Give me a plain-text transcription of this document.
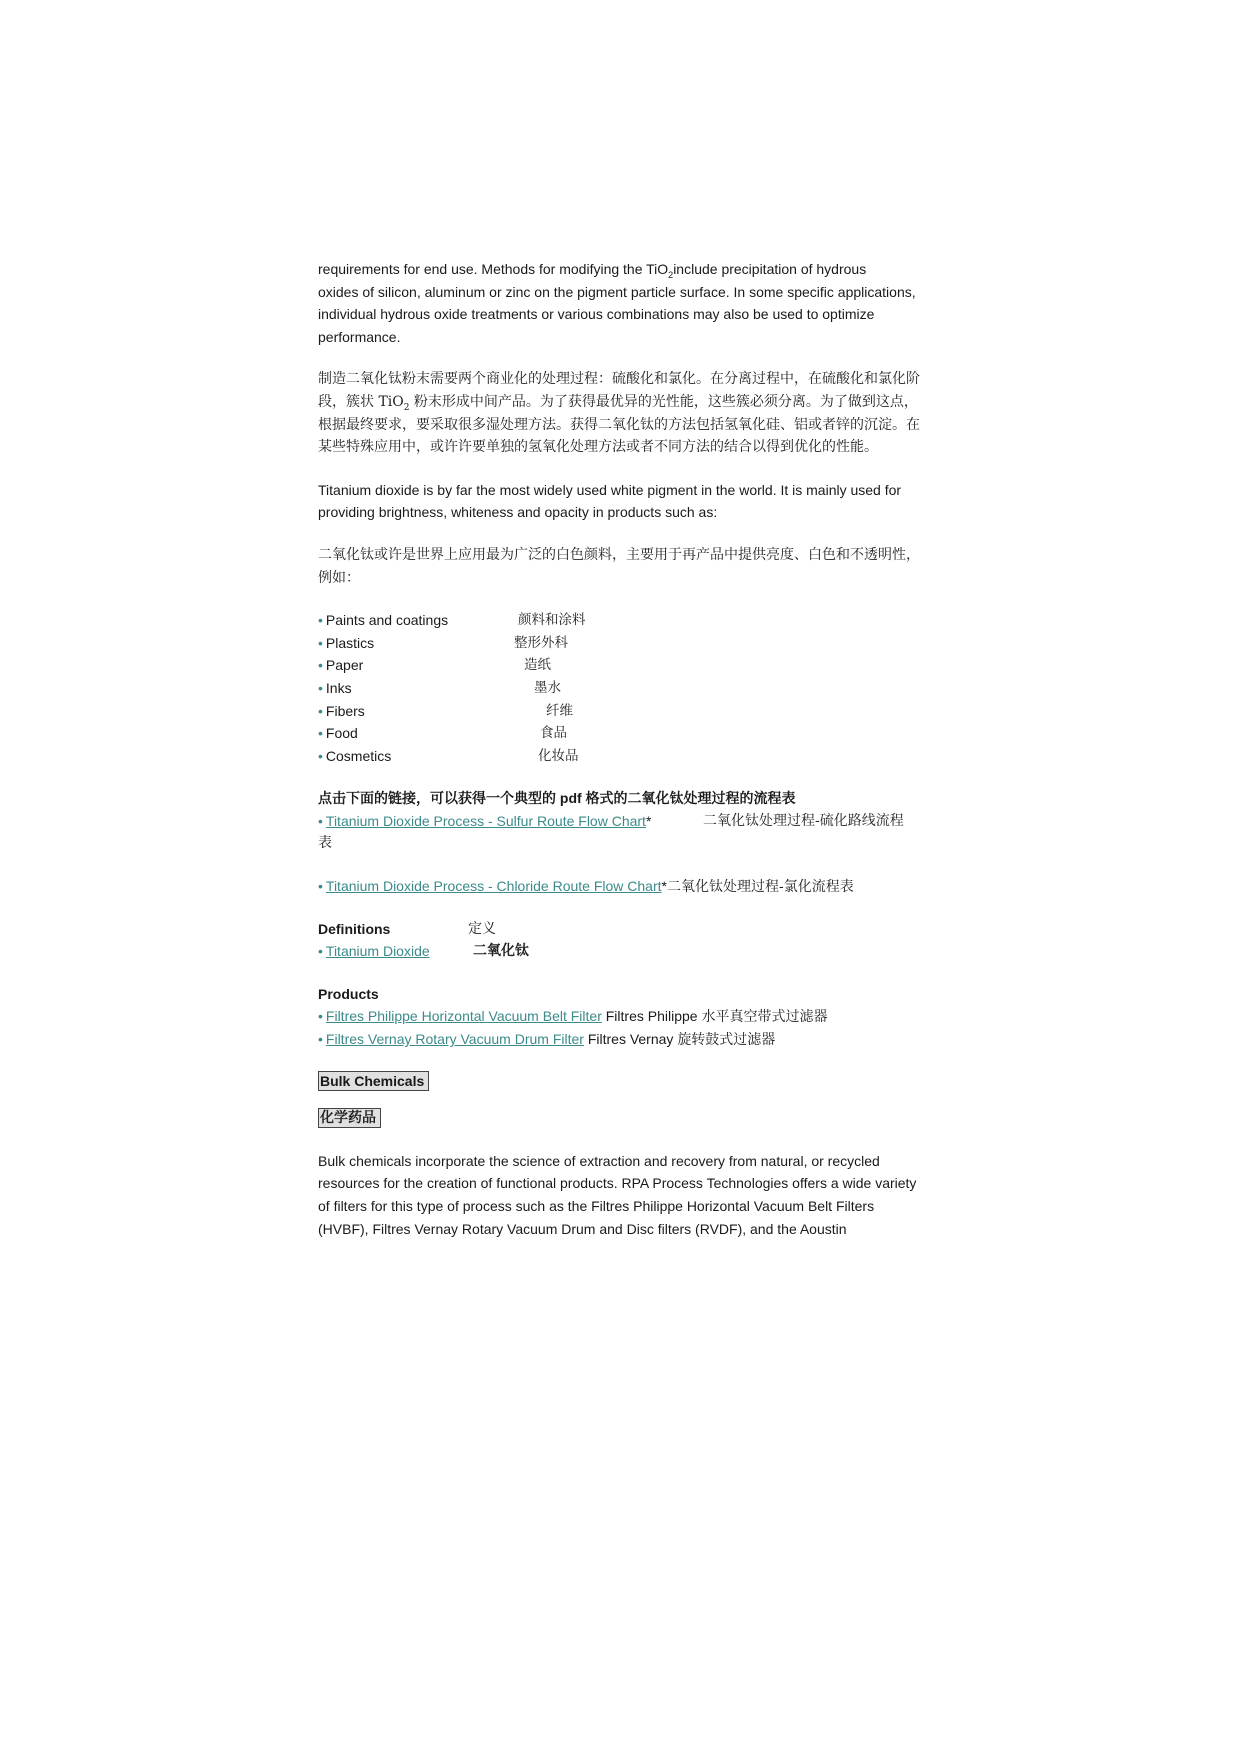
requirements for end use. Methods for modifying the TiO$_2$include precipitation of hydrous
oxides of silicon, aluminum or zinc on the pigment particle surface. In some specific applications, individual hydrous oxide treatments or various combinations may also be used to optimize performance.

制造二氧化钛粉末需要两个商业化的处理过程：硫酸化和氯化。在分离过程中，在硫酸化和氯化阶段，簇状 TiO$_2$ 粉末形成中间产品。为了获得最优异的光性能，这些簇必须分离。为了做到这点，根据最终要求，要采取很多湿处理方法。获得二氧化钛的方法包括氢氧化硅、铝或者锌的沉淀。在某些特殊应用中，或许许要单独的氢氧化处理方法或者不同方法的结合以得到优化的性能。

Titanium dioxide is by far the most widely used white pigment in the world. It is mainly used for providing brightness, whiteness and opacity in products such as:

二氧化钛或许是世界上应用最为广泛的白色颜料，主要用于再产品中提供亮度、白色和不透明性，例如：

• Paints and coatings	颜料和涂料
• Plastics	整形外科
• Paper	造纸
• Inks	墨水
• Fibers	纤维
• Food	食品
• Cosmetics	化妆品

点击下面的链接，可以获得一个典型的 pdf 格式的二氧化钛处理过程的流程表

• Titanium Dioxide Process - Sulfur Route Flow Chart*	二氧化钛处理过程-硫化路线流程

表

• Titanium Dioxide Process - Chloride Route Flow Chart*二氧化钛处理过程-氯化流程表
Definitions	定义
• Titanium Dioxide	二氧化钛

Products

• Filtres Philippe Horizontal Vacuum Belt Filter Filtres Philippe 水平真空带式过滤器
• Filtres Vernay Rotary Vacuum Drum Filter Filtres Vernay 旋转鼓式过滤器
Bulk Chemicals
化学药品

Bulk chemicals incorporate the science of extraction and recovery from natural, or recycled resources for the creation of functional products. RPA Process Technologies offers a wide variety of filters for this type of process such as the Filtres Philippe Horizontal Vacuum Belt Filters (HVBF), Filtres Vernay Rotary Vacuum Drum and Disc filters (RVDF), and the Aoustin
